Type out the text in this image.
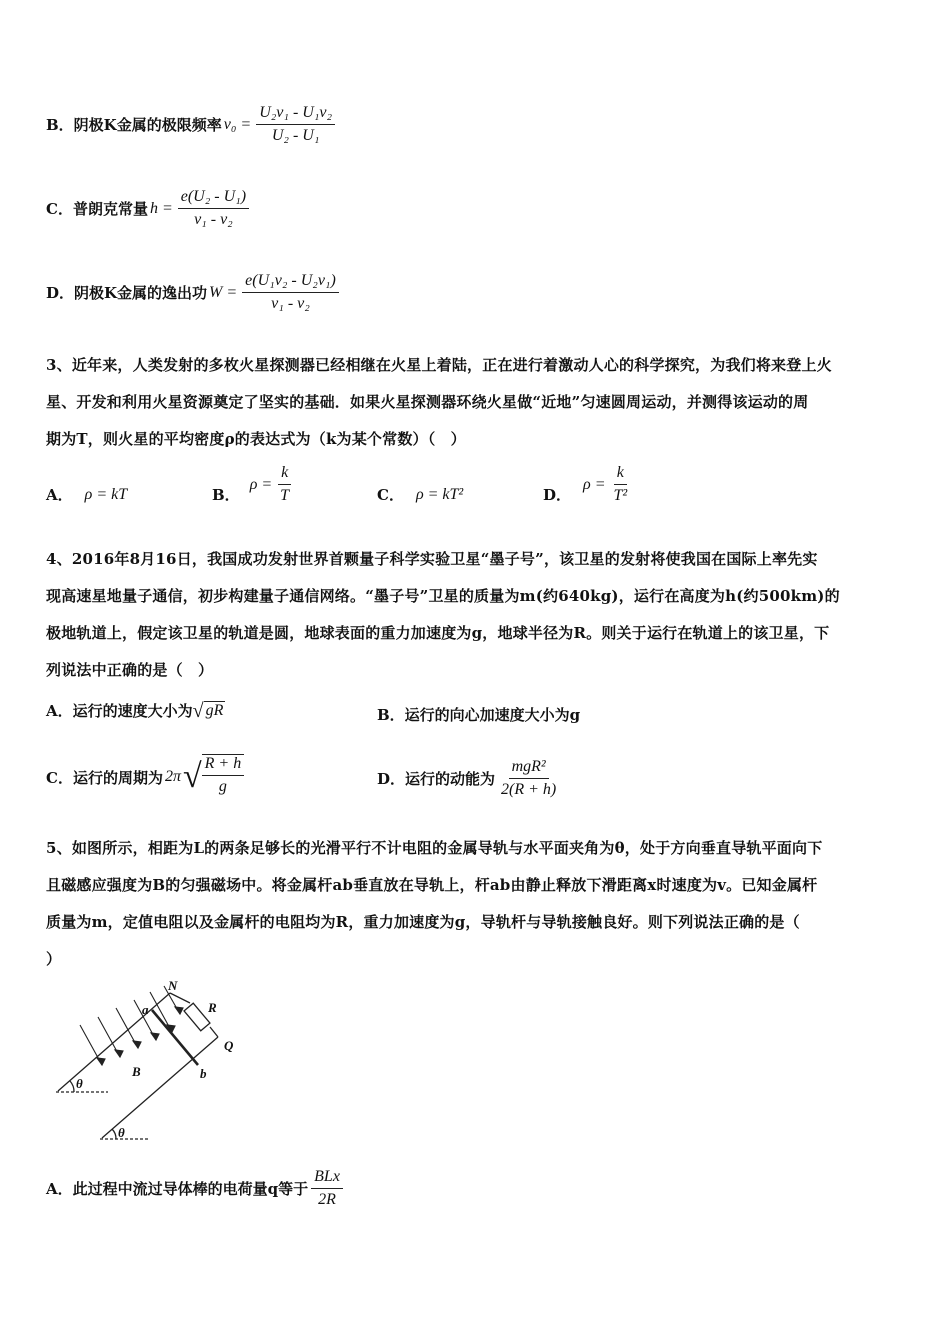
B．阴极K金属的极限频率 $\nu_0 = \frac{\text{U₂ν₁ - U₁ν₂}}{\text{U₂ - U₁}}$
C．普朗克常量 $h = \frac{\text{e(U₂ - U₁)}}{\text{ν₁ - ν₂}}$
D．阴极K金属的逸出功 $W = \frac{\text{e(U₁ν₂ - U₂ν₁)}}{\text{ν₁ - ν₂}}$
3、近年来，人类发射的多枚火星探测器已经相继在火星上着陆，正在进行着激动人心的科学探究，为我们将来登上火
星、开发和利用火星资源奠定了坚实的基础．如果火星探测器环绕火星做“近地”匀速圆周运动，并测得该运动的周
期为T，则火星的平均密度ρ的表达式为（k为某个常数）（　）
A． ρ = kT	B．
$\rho = \frac{k}{T}$	C． ρ = kT²	D．
$\rho = \frac{k}{\text{T²}}$
4、2016年8月16日，我国成功发射世界首颗量子科学实验卫星“墨子号”，该卫星的发射将使我国在国际上率先实
现高速星地量子通信，初步构建量子通信网络。“墨子号”卫星的质量为m(约640kg)，运行在高度为h(约500km)的
极地轨道上，假定该卫星的轨道是圆，地球表面的重力加速度为g，地球半径为R。则关于运行在轨道上的该卫星，下
列说法中正确的是（　）
A．运行的速度大小为 √ gR	B．运行的向心加速度大小为g
C．运行的周期为 2π √ $\frac{R + h}{g}$	D．运行的动能为 $\frac{\text{mgR²}}{2(R + h)}$
5、如图所示，相距为L的两条足够长的光滑平行不计电阻的金属导轨与水平面夹角为θ，处于方向垂直导轨平面向下
且磁感应强度为B的匀强磁场中。将金属杆ab垂直放在导轨上，杆ab由静止释放下滑距离x时速度为v。已知金属杆
质量为m，定值电阻以及金属杆的电阻均为R，重力加速度为g，导轨杆与导轨接触良好。则下列说法正确的是（
）
N
R
Q
a
b
B
θ
θ
A．此过程中流过导体棒的电荷量q等于 $\frac{\text{BLx}}{2R}$
